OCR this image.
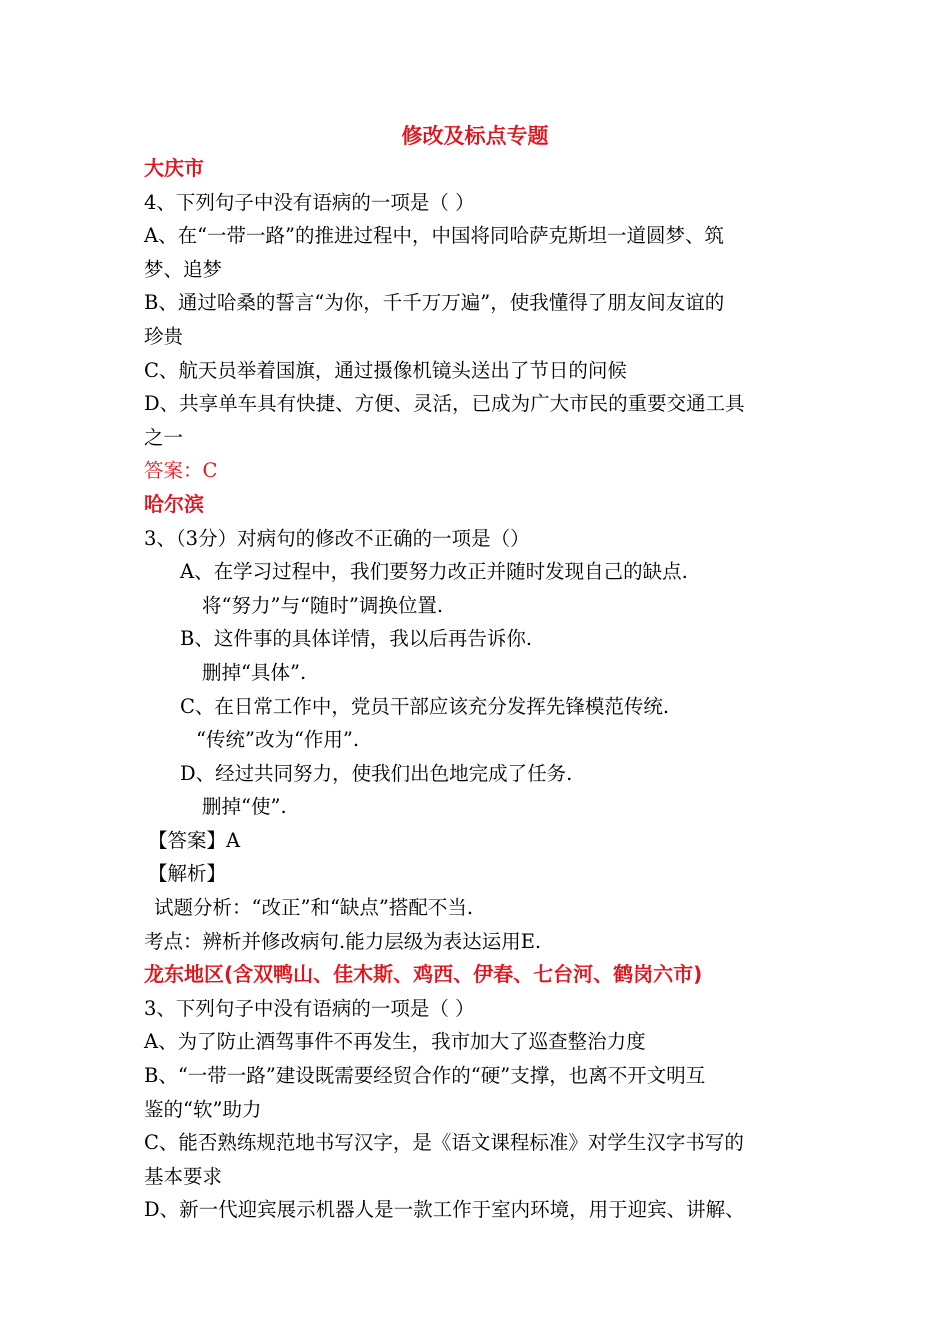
修改及标点专题

大庆市

4、下列句子中没有语病的一项是（ ）

A、在“一带一路”的推进过程中，中国将同哈萨克斯坦一道圆梦、筑

梦、追梦

B、通过哈桑的誓言“为你，千千万万遍”，使我懂得了朋友间友谊的

珍贵

C、航天员举着国旗，通过摄像机镜头送出了节日的问候

D、共享单车具有快捷、方便、灵活，已成为广大市民的重要交通工具

之一

答案：C

哈尔滨

3、（3分）对病句的修改不正确的一项是（）

A、在学习过程中，我们要努力改正并随时发现自己的缺点.

将“努力”与“随时”调换位置.

B、这件事的具体详情，我以后再告诉你.

删掉“具体”.

C、在日常工作中，党员干部应该充分发挥先锋模范传统.

“传统”改为“作用”.

D、经过共同努力，使我们出色地完成了任务.

删掉“使”.

【答案】A

【解析】

试题分析：“改正”和“缺点”搭配不当.

考点：辨析并修改病句.能力层级为表达运用E.

龙东地区(含双鸭山、佳木斯、鸡西、伊春、七台河、鹤岗六市)

3、下列句子中没有语病的一项是（ ）

A、为了防止酒驾事件不再发生，我市加大了巡查整治力度

B、“一带一路”建设既需要经贸合作的“硬”支撑，也离不开文明互

鉴的“软”助力

C、能否熟练规范地书写汉字，是《语文课程标准》对学生汉字书写的

基本要求

D、新一代迎宾展示机器人是一款工作于室内环境，用于迎宾、讲解、
